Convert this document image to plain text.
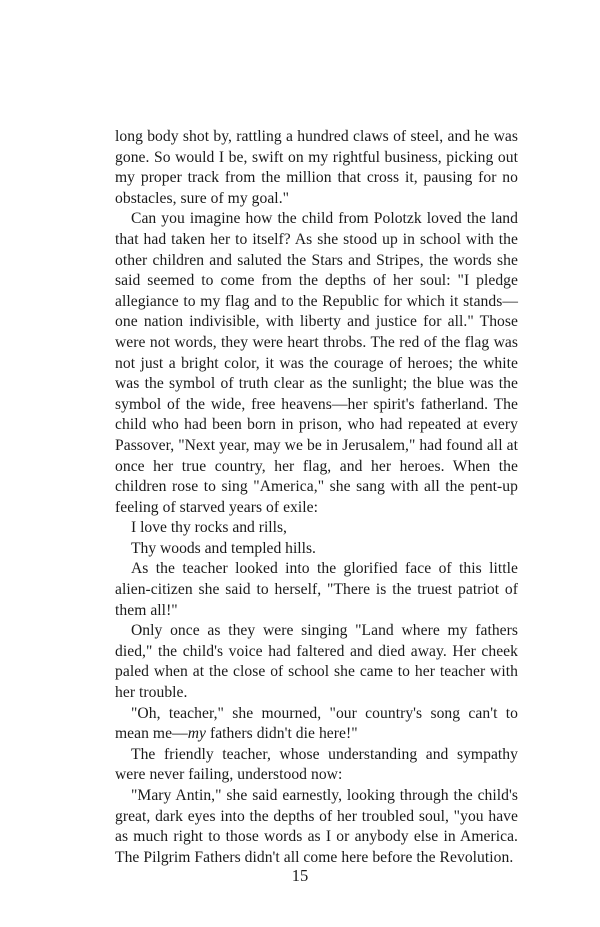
long body shot by, rattling a hundred claws of steel, and he was gone. So would I be, swift on my rightful business, picking out my proper track from the million that cross it, pausing for no obstacles, sure of my goal."

Can you imagine how the child from Polotzk loved the land that had taken her to itself? As she stood up in school with the other children and saluted the Stars and Stripes, the words she said seemed to come from the depths of her soul: "I pledge allegiance to my flag and to the Republic for which it stands—one nation indivisible, with liberty and justice for all." Those were not words, they were heart throbs. The red of the flag was not just a bright color, it was the courage of heroes; the white was the symbol of truth clear as the sunlight; the blue was the symbol of the wide, free heavens—her spirit's fatherland. The child who had been born in prison, who had repeated at every Passover, "Next year, may we be in Jerusalem," had found all at once her true country, her flag, and her heroes. When the children rose to sing "America," she sang with all the pent-up feeling of starved years of exile:

I love thy rocks and rills,

Thy woods and templed hills.

As the teacher looked into the glorified face of this little alien-citizen she said to herself, "There is the truest patriot of them all!"

Only once as they were singing "Land where my fathers died," the child's voice had faltered and died away. Her cheek paled when at the close of school she came to her teacher with her trouble.

"Oh, teacher," she mourned, "our country's song can't to mean me—my fathers didn't die here!"

The friendly teacher, whose understanding and sympathy were never failing, understood now:

"Mary Antin," she said earnestly, looking through the child's great, dark eyes into the depths of her troubled soul, "you have as much right to those words as I or anybody else in America. The Pilgrim Fathers didn't all come here before the Revolution.

15
